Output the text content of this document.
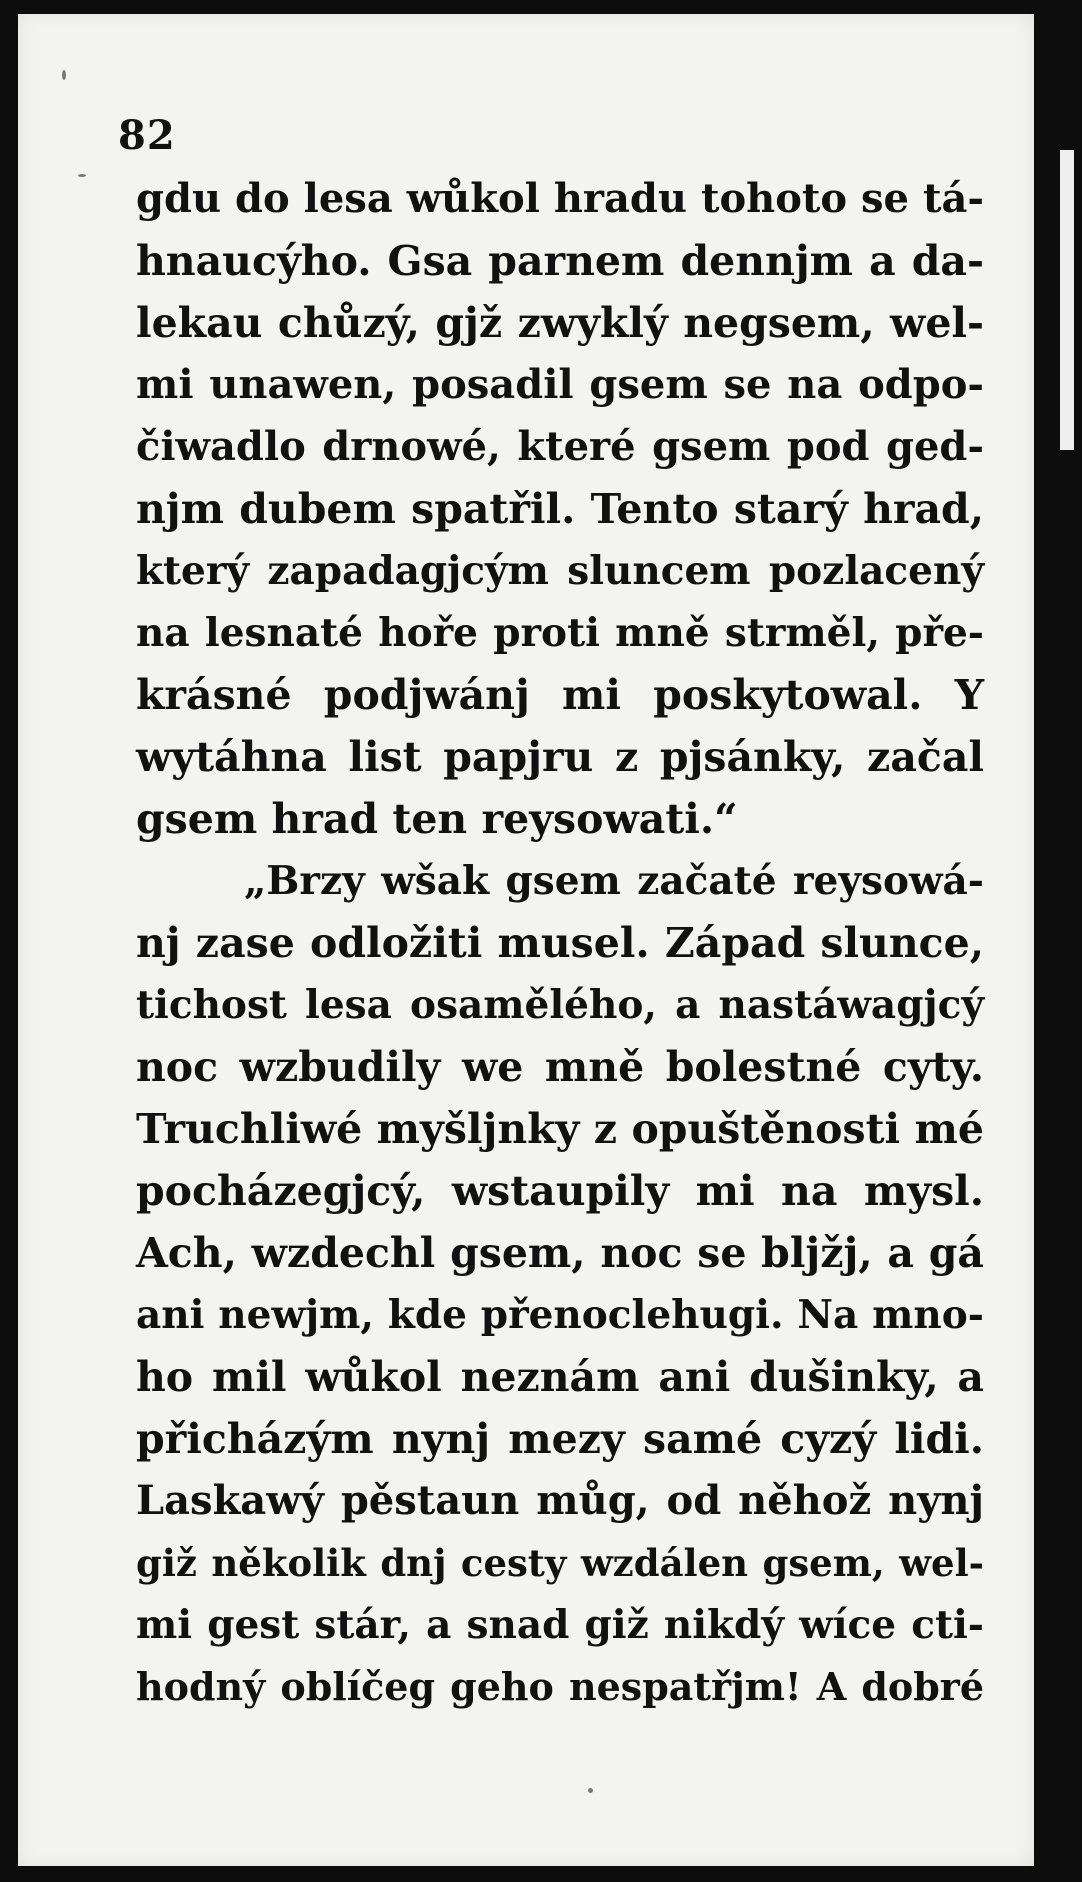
82
gdu do lesa wůkol hradu tohoto se tá-
hnaucýho. Gsa parnem dennjm a da-
lekau chůzý, gjž zwyklý negsem, wel-
mi unawen, posadil gsem se na odpo-
čiwadlo drnowé, které gsem pod ged-
njm dubem spatřil. Tento starý hrad,
který zapadagjcým sluncem pozlacený
na lesnaté hoře proti mně strměl, pře-
krásné podjwánj mi poskytowal. Y
wytáhna list papjru z pjsánky, začal
gsem hrad ten reysowati.“
„Brzy wšak gsem začaté reysowá-
nj zase odložiti musel. Západ slunce,
tichost lesa osamělého, a nastáwagjcý
noc wzbudily we mně bolestné cyty.
Truchliwé myšljnky z opuštěnosti mé
pocházegjcý, wstaupily mi na mysl.
Ach, wzdechl gsem, noc se bljžj, a gá
ani newjm, kde přenoclehugi. Na mno-
ho mil wůkol neznám ani dušinky, a
přicházým nynj mezy samé cyzý lidi.
Laskawý pěstaun můg, od něhož nynj
giž několik dnj cesty wzdálen gsem, wel-
mi gest stár, a snad giž nikdý wíce cti-
hodný oblíčeg geho nespatřjm! A dobré
